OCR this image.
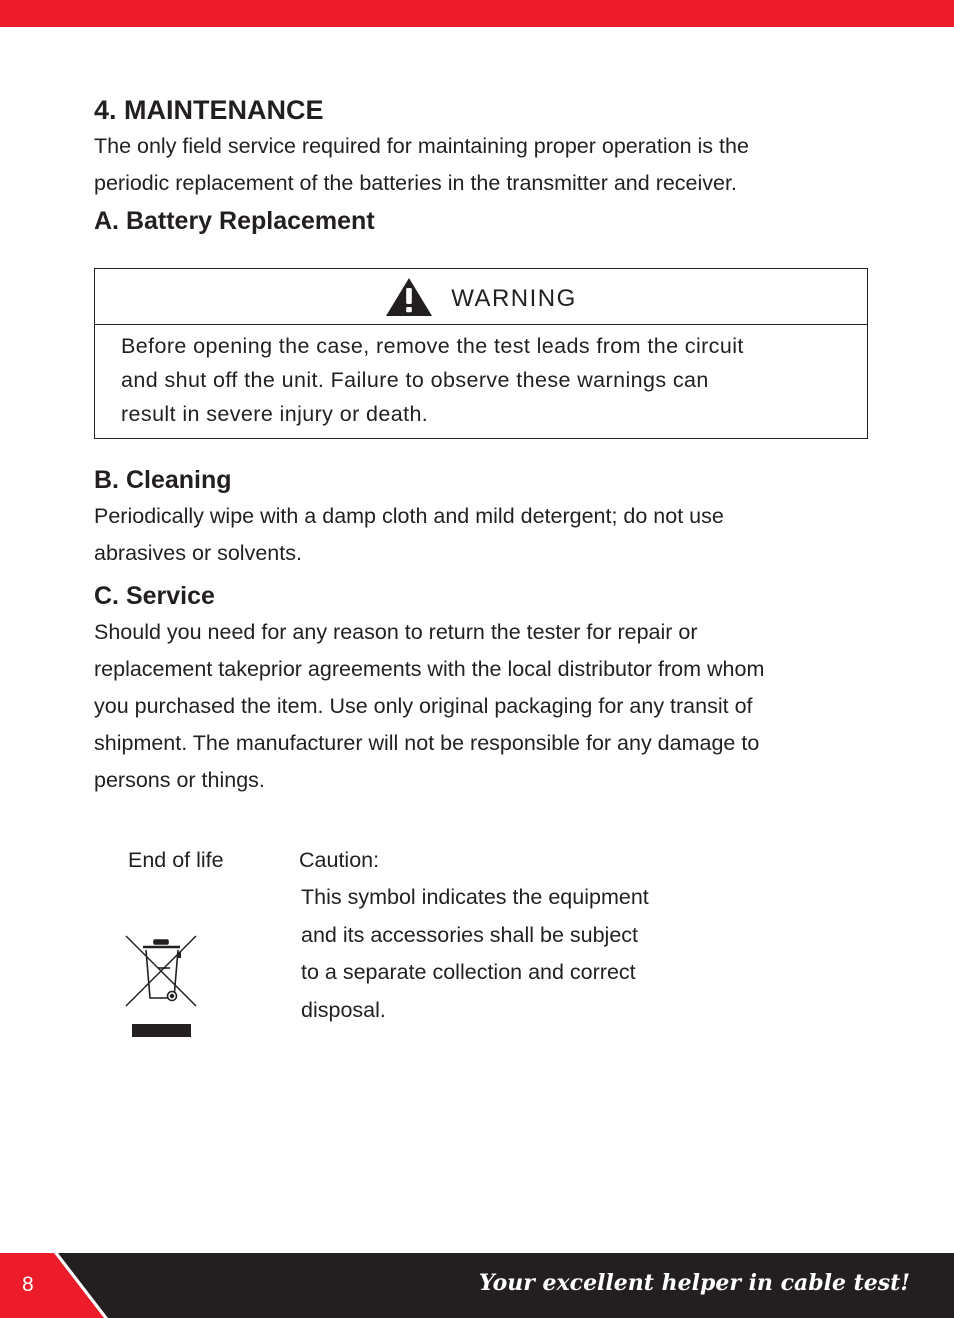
4. MAINTENANCE

The only field service required for maintaining proper operation is the

periodic replacement of the batteries in the transmitter and receiver.

A. Battery Replacement
WARNING
Before opening the case, remove the test leads from the circuit
and shut off the unit. Failure to observe these warnings can
result in severe injury or death.
B. Cleaning

Periodically wipe with a damp cloth and mild detergent; do not use

abrasives or solvents.

C. Service

Should you need for any reason to return the tester for repair or

replacement takeprior agreements with the local distributor from whom

you purchased the item. Use only original packaging for any transit of

shipment. The manufacturer will not be responsible for any damage to

persons or things.

End of life	Caution:
This symbol indicates the equipment
and its accessories shall be subject
to a separate collection and correct
disposal.
8	Your excellent helper in cable test!
